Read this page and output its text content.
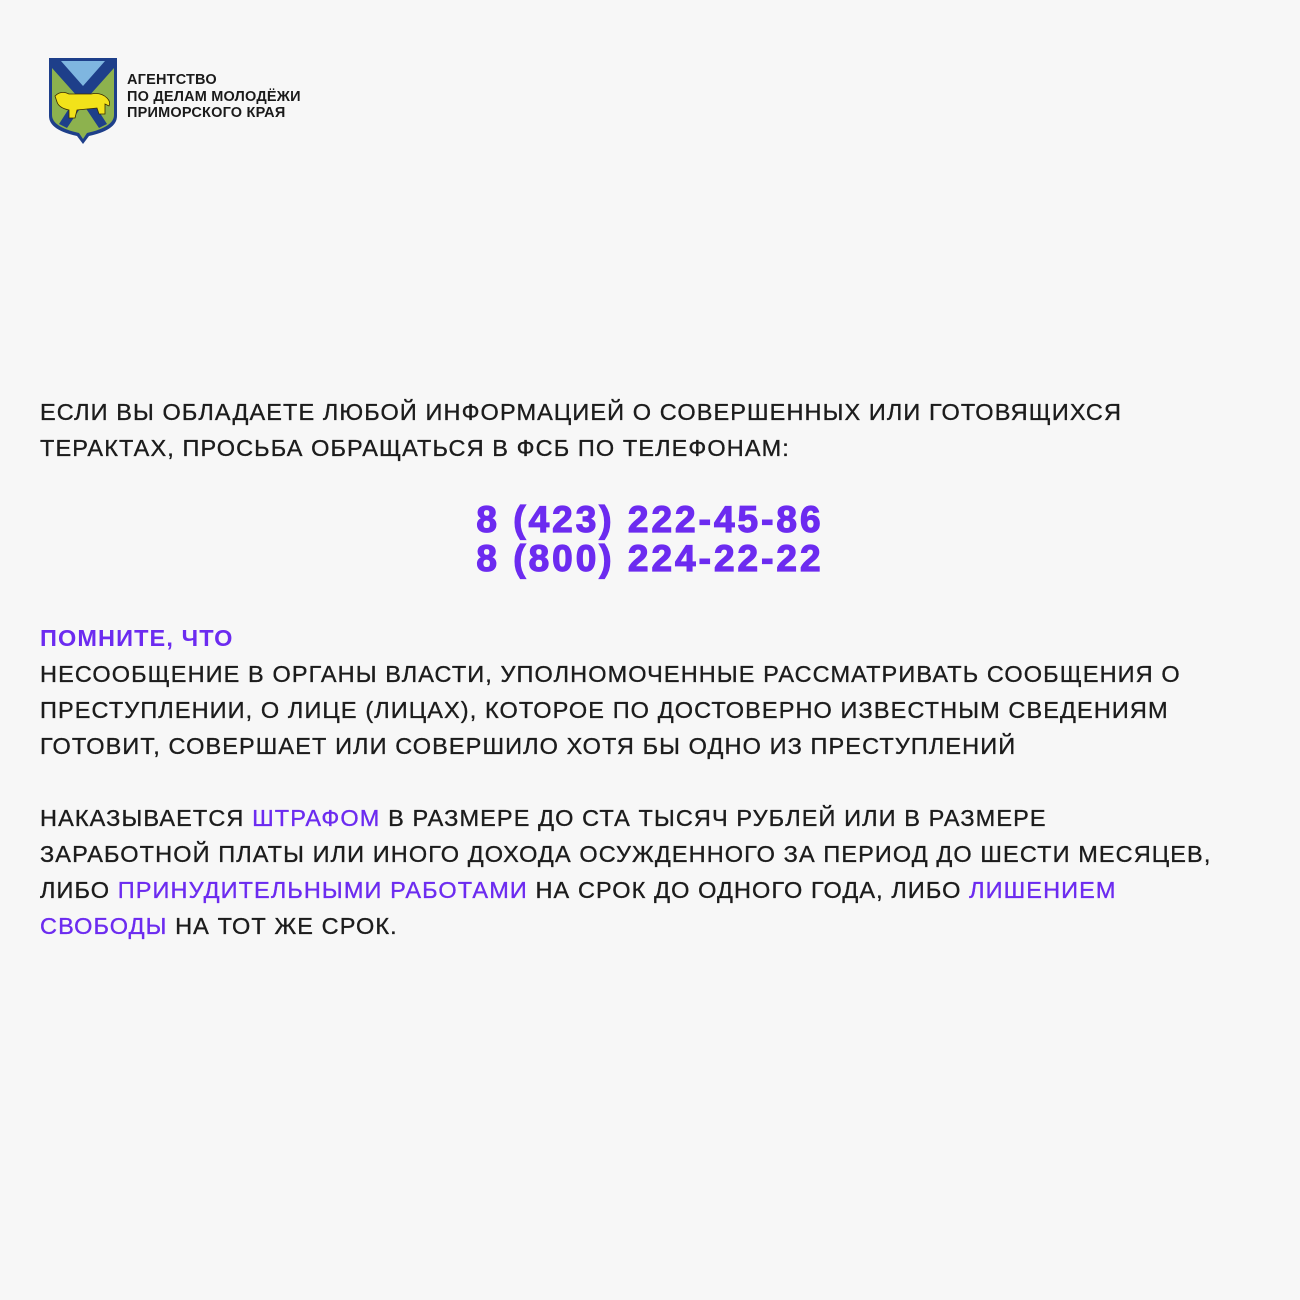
АГЕНТСТВО
ПО ДЕЛАМ МОЛОДЁЖИ
ПРИМОРСКОГО КРАЯ
ЕСЛИ ВЫ ОБЛАДАЕТЕ ЛЮБОЙ ИНФОРМАЦИЕЙ О СОВЕРШЕННЫХ ИЛИ ГОТОВЯЩИХСЯ
ТЕРАКТАХ, ПРОСЬБА ОБРАЩАТЬСЯ В ФСБ ПО ТЕЛЕФОНАМ:
8 (423) 222-45-86
8 (800) 224-22-22
ПОМНИТЕ, ЧТО
НЕСООБЩЕНИЕ В ОРГАНЫ ВЛАСТИ, УПОЛНОМОЧЕННЫЕ РАССМАТРИВАТЬ СООБЩЕНИЯ О
ПРЕСТУПЛЕНИИ, О ЛИЦЕ (ЛИЦАХ), КОТОРОЕ ПО ДОСТОВЕРНО ИЗВЕСТНЫМ СВЕДЕНИЯМ
ГОТОВИТ, СОВЕРШАЕТ ИЛИ СОВЕРШИЛО ХОТЯ БЫ ОДНО ИЗ ПРЕСТУПЛЕНИЙ
НАКАЗЫВАЕТСЯ ШТРАФОМ В РАЗМЕРЕ ДО СТА ТЫСЯЧ РУБЛЕЙ ИЛИ В РАЗМЕРЕ
ЗАРАБОТНОЙ ПЛАТЫ ИЛИ ИНОГО ДОХОДА ОСУЖДЕННОГО ЗА ПЕРИОД ДО ШЕСТИ МЕСЯЦЕВ,
ЛИБО ПРИНУДИТЕЛЬНЫМИ РАБОТАМИ НА СРОК ДО ОДНОГО ГОДА, ЛИБО ЛИШЕНИЕМ
СВОБОДЫ НА ТОТ ЖЕ СРОК.
